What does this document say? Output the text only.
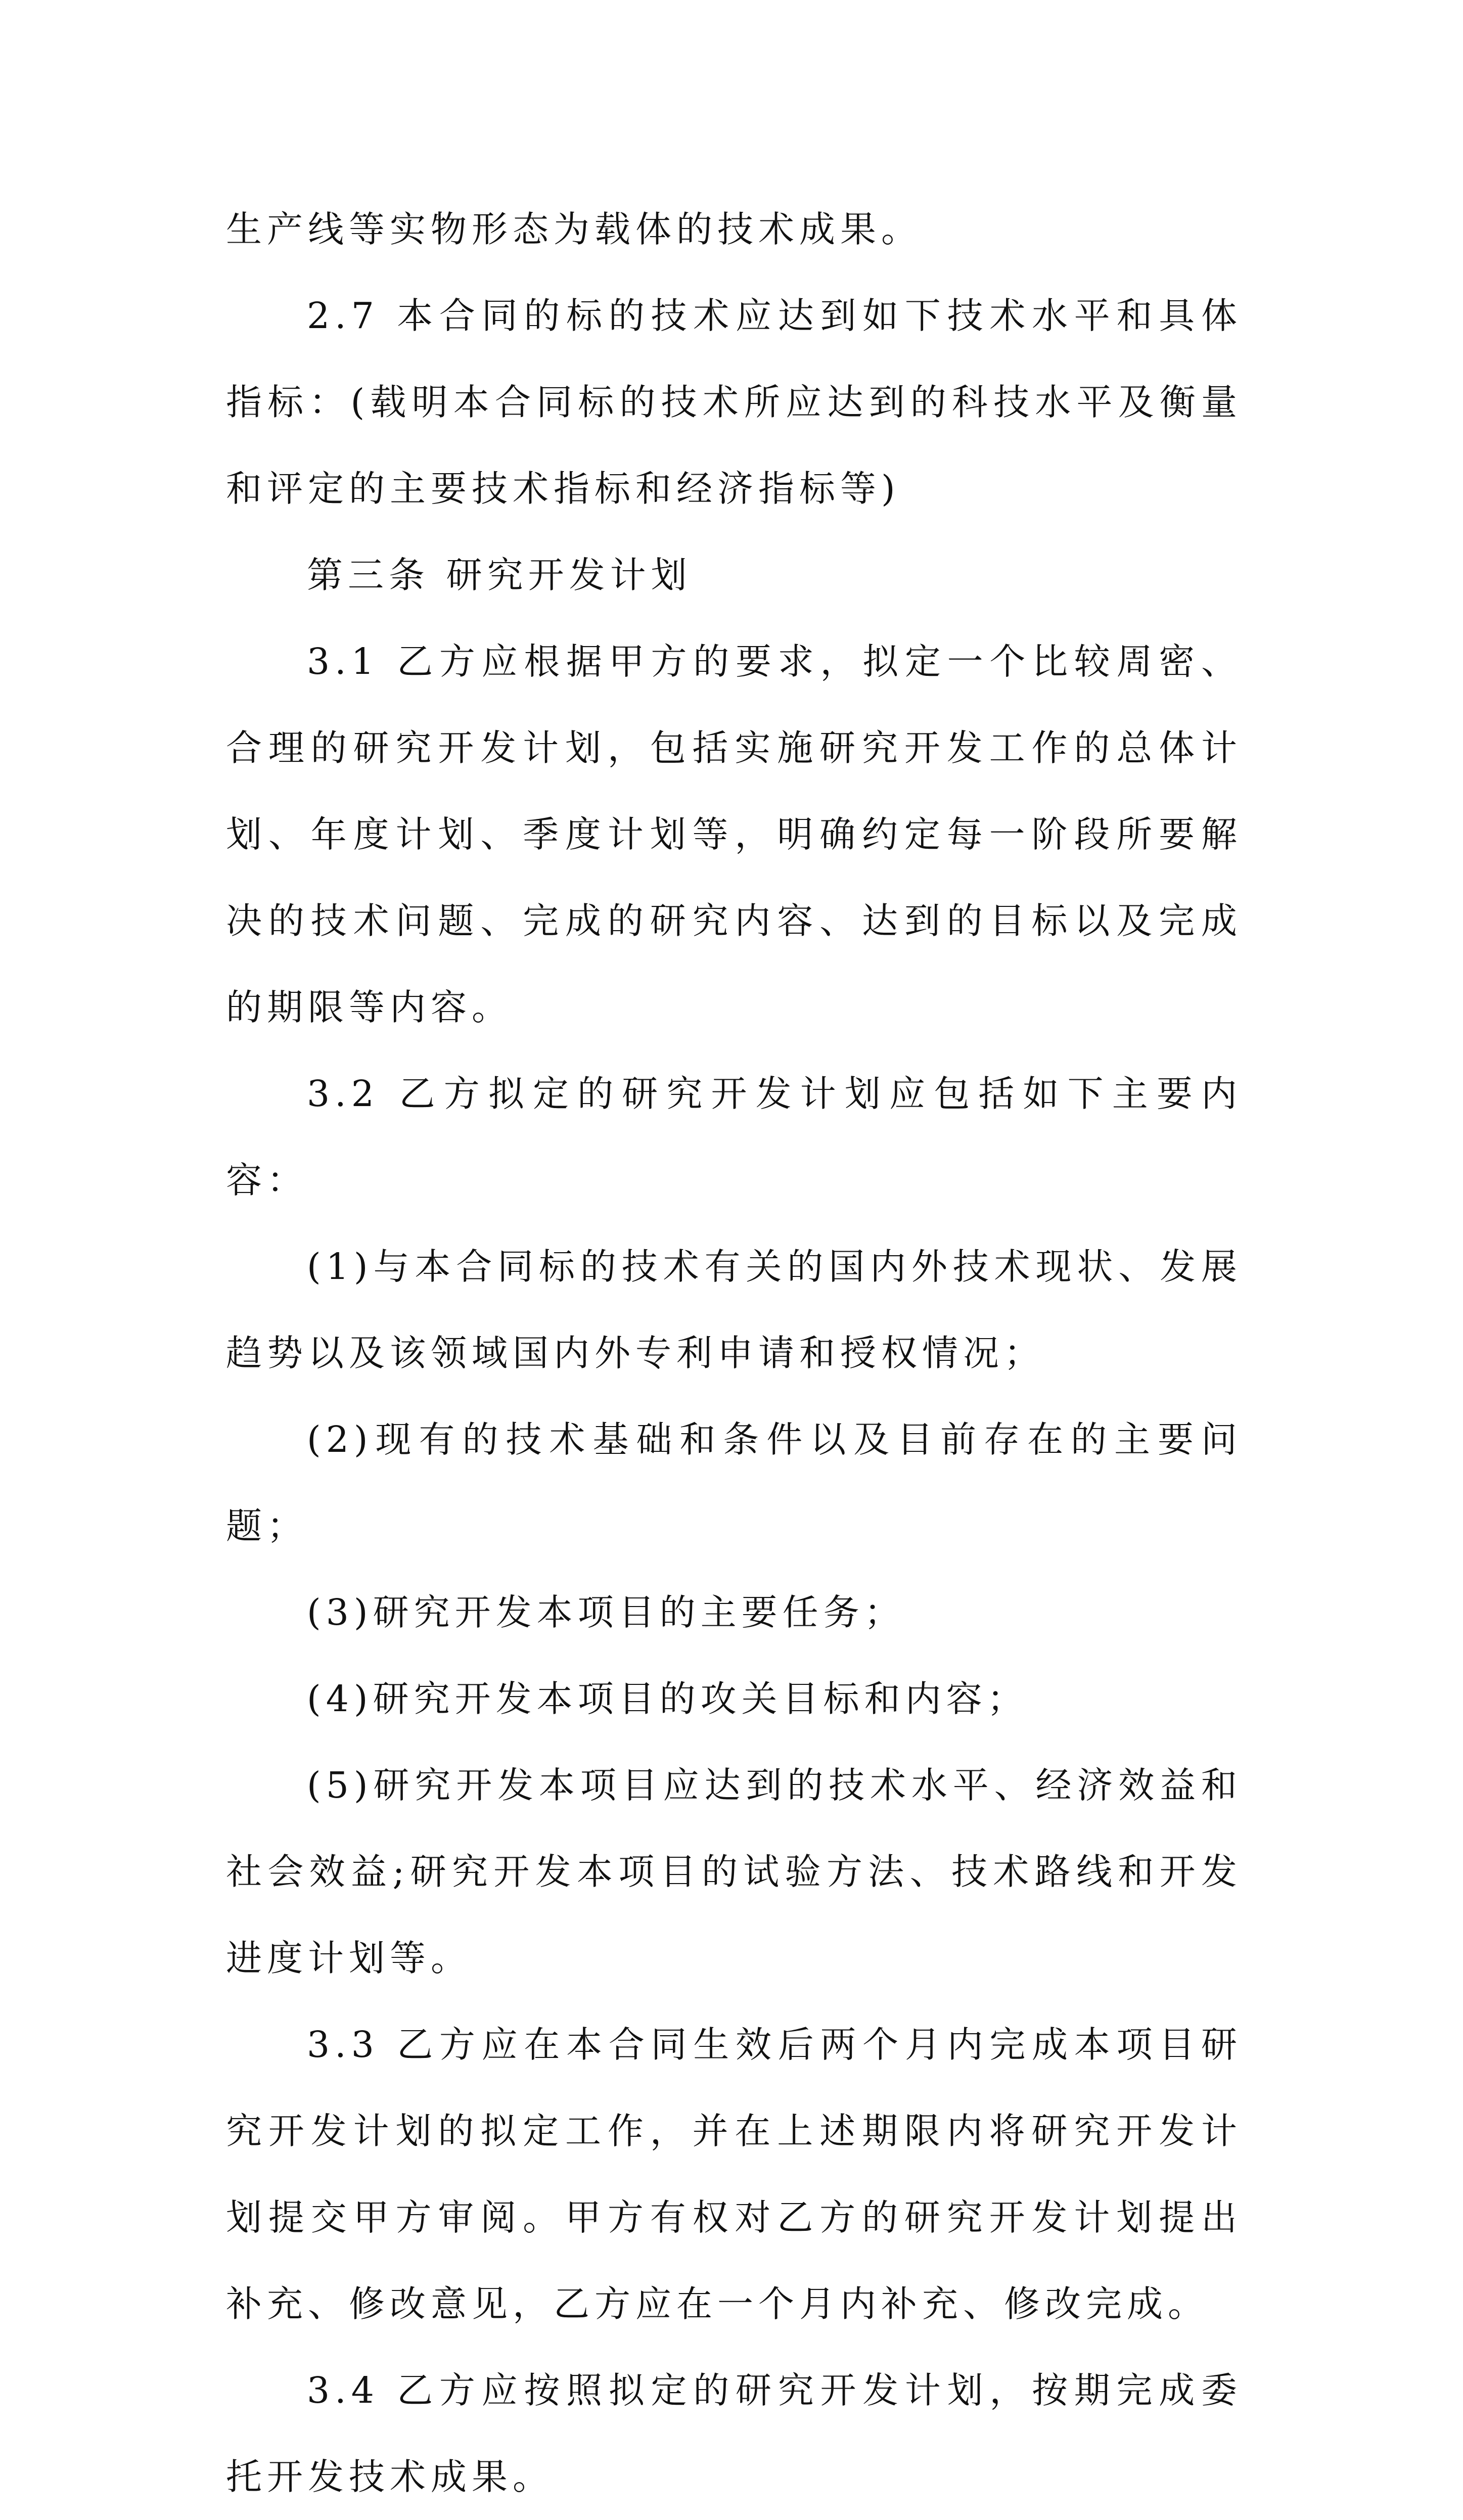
生产线等实物形态为载体的技术成果。

2.7 本合同的标的技术应达到如下技术水平和具体指标：(载明本合同标的技术所应达到的科技水平及衡量和评定的主要技术指标和经济指标等)

第三条 研究开发计划

3.1 乙方应根据甲方的要求，拟定一个比较周密、合理的研究开发计划，包括实施研究开发工作的总体计划、年度计划、季度计划等，明确约定每一阶段所要解决的技术问题、完成的研究内容、达到的目标以及完成的期限等内容。

3.2 乙方拟定的研究开发计划应包括如下主要内容：

(1)与本合同标的技术有关的国内外技术现状、发展趋势以及该领域国内外专利申请和授权情况；

(2)现有的技术基础和条件以及目前存在的主要问题；

(3)研究开发本项目的主要任务；

(4)研究开发本项目的攻关目标和内容；

(5)研究开发本项目应达到的技术水平、经济效益和社会效益;研究开发本项目的试验方法、技术路线和开发进度计划等。

3.3 乙方应在本合同生效后两个月内完成本项目研究开发计划的拟定工作，并在上述期限内将研究开发计划提交甲方审阅。甲方有权对乙方的研究开发计划提出补充、修改意见，乙方应在一个月内补充、修改完成。

3.4 乙方应按照拟定的研究开发计划，按期完成委托开发技术成果。
